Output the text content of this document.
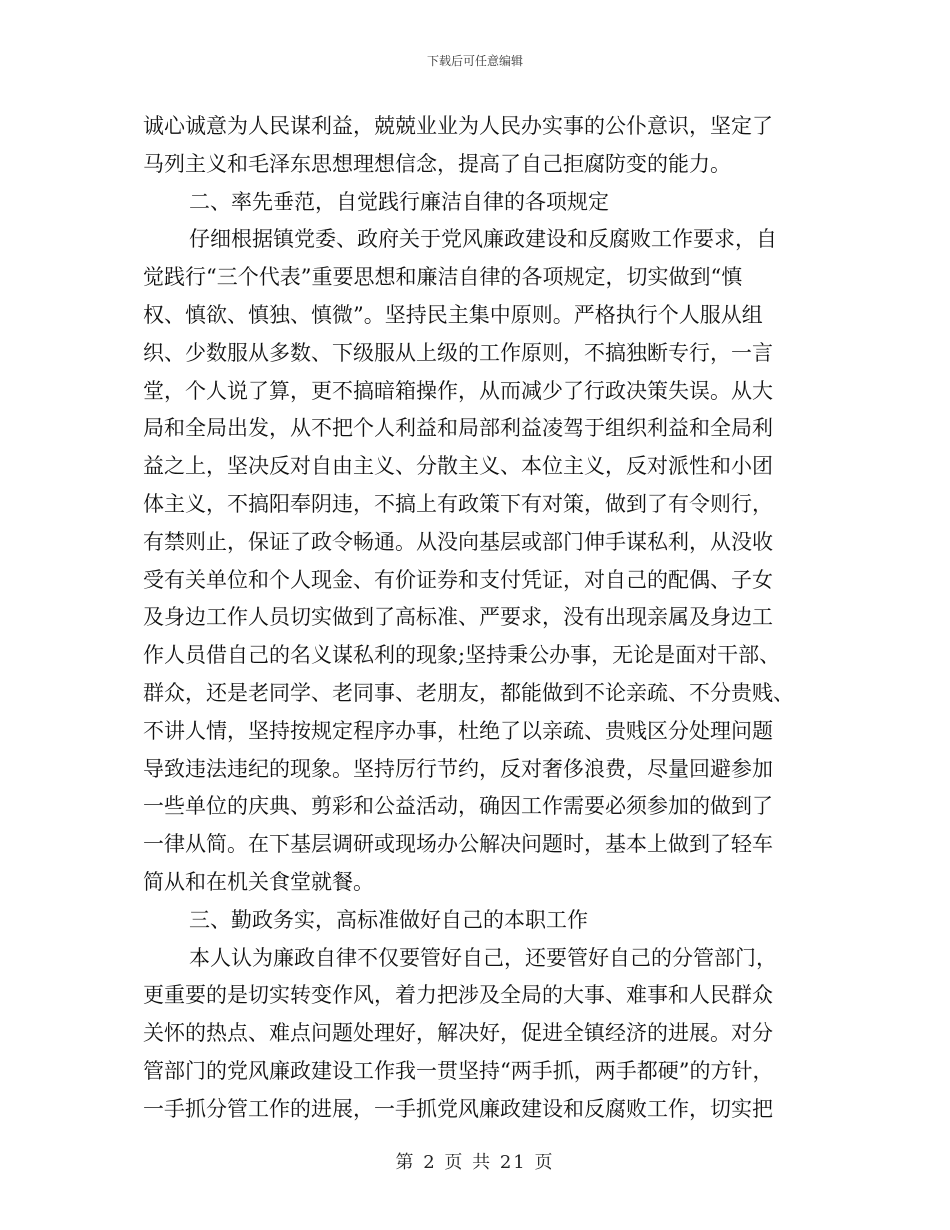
下载后可任意编辑
诚心诚意为人民谋利益，兢兢业业为人民办实事的公仆意识，坚定了
马列主义和毛泽东思想理想信念，提高了自己拒腐防变的能力。
二、率先垂范，自觉践行廉洁自律的各项规定
仔细根据镇党委、政府关于党风廉政建设和反腐败工作要求，自
觉践行“三个代表”重要思想和廉洁自律的各项规定，切实做到“慎
权、慎欲、慎独、慎微”。坚持民主集中原则。严格执行个人服从组
织、少数服从多数、下级服从上级的工作原则，不搞独断专行，一言
堂，个人说了算，更不搞暗箱操作，从而减少了行政决策失误。从大
局和全局出发，从不把个人利益和局部利益凌驾于组织利益和全局利
益之上，坚决反对自由主义、分散主义、本位主义，反对派性和小团
体主义，不搞阳奉阴违，不搞上有政策下有对策，做到了有令则行，
有禁则止，保证了政令畅通。从没向基层或部门伸手谋私利，从没收
受有关单位和个人现金、有价证券和支付凭证，对自己的配偶、子女
及身边工作人员切实做到了高标准、严要求，没有出现亲属及身边工
作人员借自己的名义谋私利的现象;坚持秉公办事，无论是面对干部、
群众，还是老同学、老同事、老朋友，都能做到不论亲疏、不分贵贱、
不讲人情，坚持按规定程序办事，杜绝了以亲疏、贵贱区分处理问题
导致违法违纪的现象。坚持厉行节约，反对奢侈浪费，尽量回避参加
一些单位的庆典、剪彩和公益活动，确因工作需要必须参加的做到了
一律从简。在下基层调研或现场办公解决问题时，基本上做到了轻车
简从和在机关食堂就餐。
三、勤政务实，高标准做好自己的本职工作
本人认为廉政自律不仅要管好自己，还要管好自己的分管部门，
更重要的是切实转变作风，着力把涉及全局的大事、难事和人民群众
关怀的热点、难点问题处理好，解决好，促进全镇经济的进展。对分
管部门的党风廉政建设工作我一贯坚持“两手抓，两手都硬”的方针，
一手抓分管工作的进展，一手抓党风廉政建设和反腐败工作，切实把
第 2 页 共 21 页
